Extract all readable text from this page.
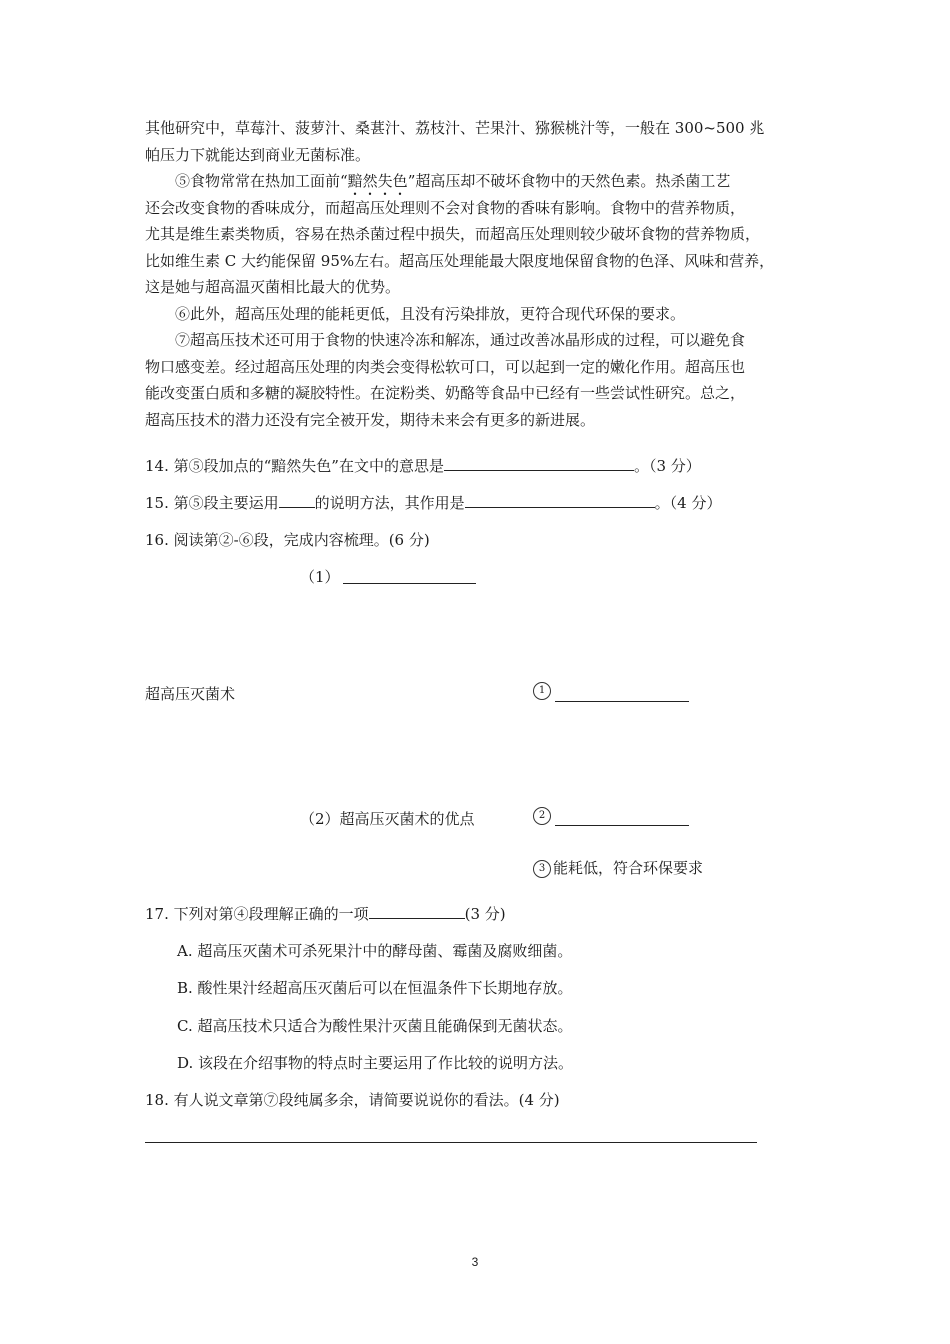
其他研究中，草莓汁、菠萝汁、桑葚汁、荔枝汁、芒果汁、猕猴桃汁等，一般在 300~500 兆
帕压力下就能达到商业无菌标准。
⑤食物常常在热加工面前“黯然失色”超高压却不破坏食物中的天然色素。热杀菌工艺
还会改变食物的香味成分，而超高压处理则不会对食物的香味有影响。食物中的营养物质，
尤其是维生素类物质，容易在热杀菌过程中损失，而超高压处理则较少破坏食物的营养物质，
比如维生素 C 大约能保留 95%左右。超高压处理能最大限度地保留食物的色泽、风味和营养，
这是她与超高温灭菌相比最大的优势。
⑥此外，超高压处理的能耗更低，且没有污染排放，更符合现代环保的要求。
⑦超高压技术还可用于食物的快速冷冻和解冻，通过改善冰晶形成的过程，可以避免食
物口感变差。经过超高压处理的肉类会变得松软可口，可以起到一定的嫩化作用。超高压也
能改变蛋白质和多糖的凝胶特性。在淀粉类、奶酪等食品中已经有一些尝试性研究。总之，
超高压技术的潜力还没有完全被开发，期待未来会有更多的新进展。
14. 第⑤段加点的“黯然失色”在文中的意思是	。（3 分）
15. 第⑤段主要运用 的说明方法，其作用是	。（4 分）
16. 阅读第②-⑥段，完成内容梳理。(6 分)
（1）
超高压灭菌术	1
（2）超高压灭菌术的优点	2
3 能耗低，符合环保要求
17. 下列对第④段理解正确的一项	(3 分)
A. 超高压灭菌术可杀死果汁中的酵母菌、霉菌及腐败细菌。
B. 酸性果汁经超高压灭菌后可以在恒温条件下长期地存放。
C. 超高压技术只适合为酸性果汁灭菌且能确保到无菌状态。
D. 该段在介绍事物的特点时主要运用了作比较的说明方法。
18. 有人说文章第⑦段纯属多余，请简要说说你的看法。(4 分)
3
